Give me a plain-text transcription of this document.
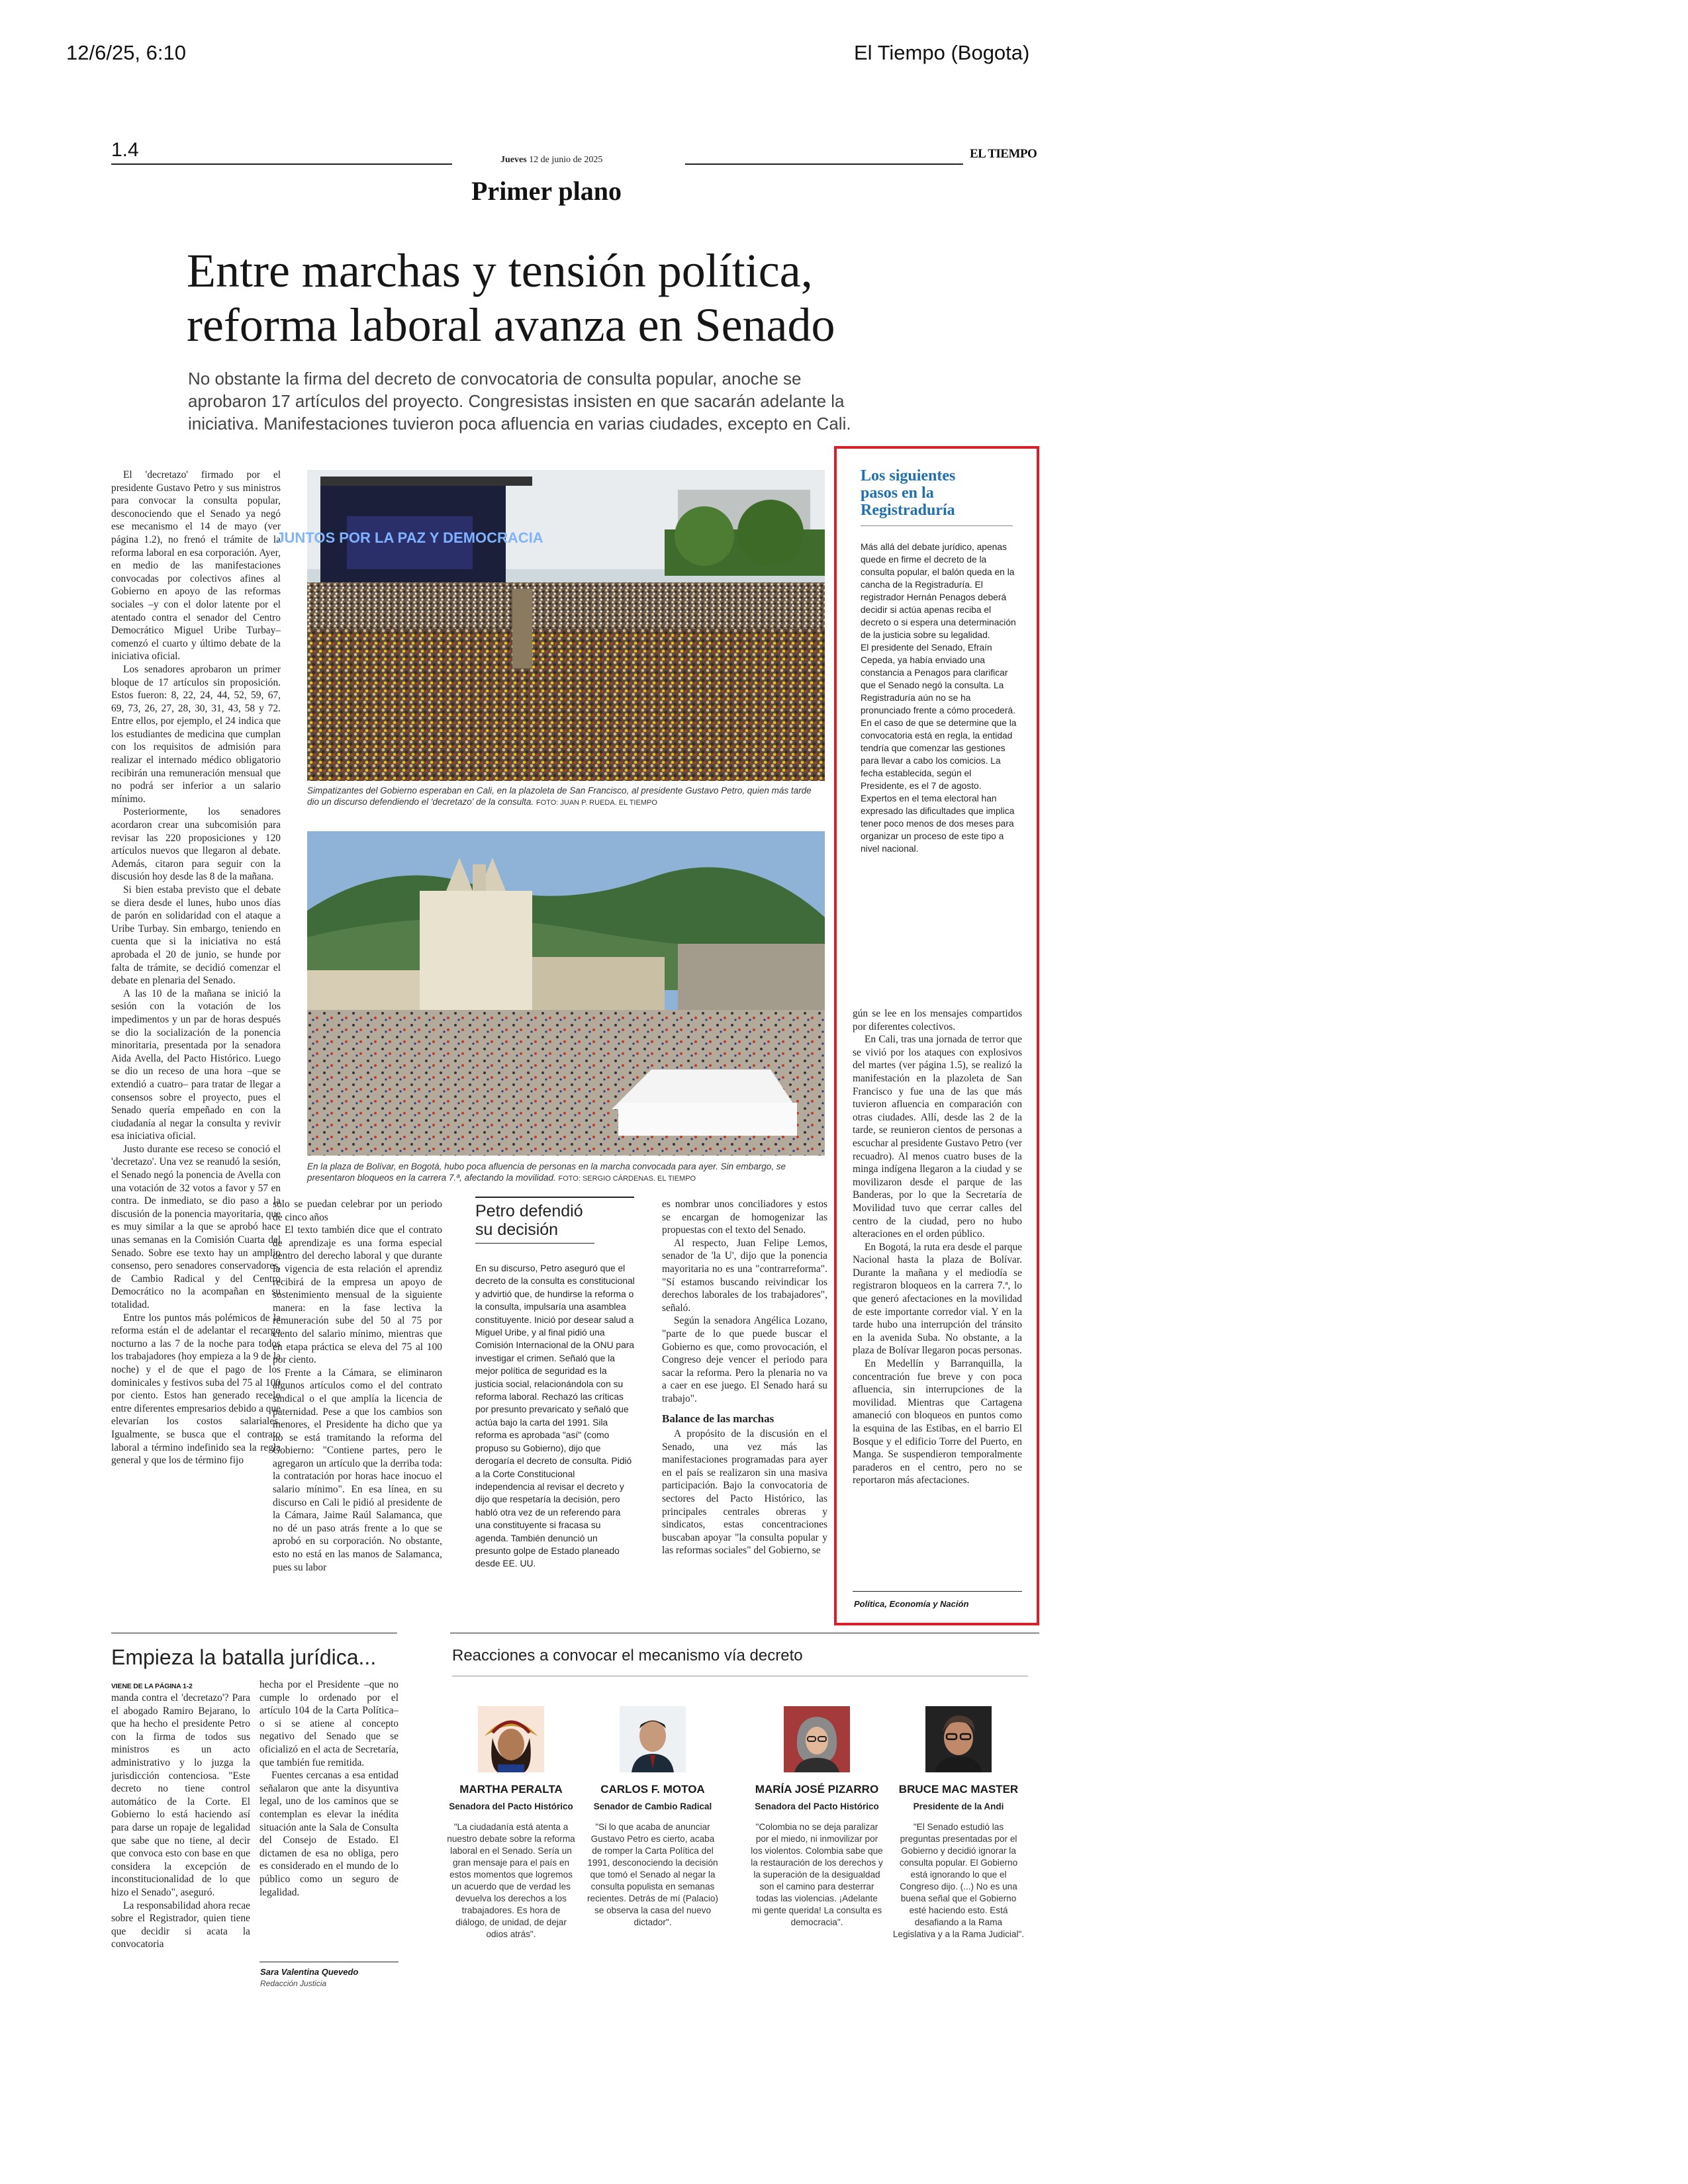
12/6/25, 6:10	El Tiempo (Bogota)
1.4	Jueves 12 de junio de 2025	EL TIEMPO
Primer plano
Entre marchas y tensión política,
reforma laboral avanza en Senado
No obstante la firma del decreto de convocatoria de consulta popular, anoche se
aprobaron 17 artículos del proyecto. Congresistas insisten en que sacarán adelante la
iniciativa. Manifestaciones tuvieron poca afluencia en varias ciudades, excepto en Cali.

El 'decretazo' firmado por el presidente Gustavo Petro y sus ministros para convocar la consulta popular, desconociendo que el Senado ya negó ese mecanismo el 14 de mayo (ver página 1.2), no frenó el trámite de la reforma laboral en esa corporación. Ayer, en medio de las manifestaciones convocadas por colectivos afines al Gobierno en apoyo de las reformas sociales –y con el dolor latente por el atentado contra el senador del Centro Democrático Miguel Uribe Turbay– comenzó el cuarto y último debate de la iniciativa oficial.

Los senadores aprobaron un primer bloque de 17 artículos sin proposición. Estos fueron: 8, 22, 24, 44, 52, 59, 67, 69, 73, 26, 27, 28, 30, 31, 43, 58 y 72. Entre ellos, por ejemplo, el 24 indica que los estudiantes de medicina que cumplan con los requisitos de admisión para realizar el internado médico obligatorio recibirán una remuneración mensual que no podrá ser inferior a un salario mínimo.

Posteriormente, los senadores acordaron crear una subcomisión para revisar las 220 proposiciones y 120 artículos nuevos que llegaron al debate. Además, citaron para seguir con la discusión hoy desde las 8 de la mañana.

Si bien estaba previsto que el debate se diera desde el lunes, hubo unos días de parón en solidaridad con el ataque a Uribe Turbay. Sin embargo, teniendo en cuenta que si la iniciativa no está aprobada el 20 de junio, se hunde por falta de trámite, se decidió comenzar el debate en plenaria del Senado.

A las 10 de la mañana se inició la sesión con la votación de los impedimentos y un par de horas después se dio la socialización de la ponencia minoritaria, presentada por la senadora Aida Avella, del Pacto Histórico. Luego se dio un receso de una hora –que se extendió a cuatro– para tratar de llegar a consensos sobre el proyecto, pues el Senado quería empeñado en con la ciudadanía al negar la consulta y revivir esa iniciativa oficial.

Justo durante ese receso se conoció el 'decretazo'. Una vez se reanudó la sesión, el Senado negó la ponencia de Avella con una votación de 32 votos a favor y 57 en contra. De inmediato, se dio paso a la discusión de la ponencia mayoritaria, que es muy similar a la que se aprobó hace unas semanas en la Comisión Cuarta del Senado. Sobre ese texto hay un amplio consenso, pero senadores conservadores, de Cambio Radical y del Centro Democrático no la acompañan en su totalidad.

Entre los puntos más polémicos de la reforma están el de adelantar el recargo nocturno a las 7 de la noche para todos los trabajadores (hoy empieza a la 9 de la noche) y el de que el pago de los dominicales y festivos suba del 75 al 100 por ciento. Estos han generado recelo entre diferentes empresarios debido a que elevarían los costos salariales. Igualmente, se busca que el contrato laboral a término indefinido sea la regla general y que los de término fijo

JUNTOS POR LA PAZ Y DEMOCRACIA
Simpatizantes del Gobierno esperaban en Cali, en la plazoleta de San Francisco, al presidente Gustavo Petro, quien más tarde dio un discurso defendiendo el 'decretazo' de la consulta. FOTO: JUAN P. RUEDA. EL TIEMPO
En la plaza de Bolívar, en Bogotá, hubo poca afluencia de personas en la marcha convocada para ayer. Sin embargo, se presentaron bloqueos en la carrera 7.ª, afectando la movilidad. FOTO: SERGIO CÁRDENAS. EL TIEMPO

solo se puedan celebrar por un periodo de cinco años

El texto también dice que el contrato de aprendizaje es una forma especial dentro del derecho laboral y que durante la vigencia de esta relación el aprendiz recibirá de la empresa un apoyo de sostenimiento mensual de la siguiente manera: en la fase lectiva la remuneración sube del 50 al 75 por ciento del salario mínimo, mientras que en etapa práctica se eleva del 75 al 100 por ciento.

Frente a la Cámara, se eliminaron algunos artículos como el del contrato sindical o el que amplía la licencia de paternidad. Pese a que los cambios son menores, el Presidente ha dicho que ya no se está tramitando la reforma del Gobierno: "Contiene partes, pero le agregaron un artículo que la derriba toda: la contratación por horas hace inocuo el salario mínimo". En esa línea, en su discurso en Cali le pidió al presidente de la Cámara, Jaime Raúl Salamanca, que no dé un paso atrás frente a lo que se aprobó en su corporación. No obstante, esto no está en las manos de Salamanca, pues su labor

Petro defendió
su decisión
En su discurso, Petro aseguró que el decreto de la consulta es constitucional y advirtió que, de hundirse la reforma o la consulta, impulsaría una asamblea constituyente. Inició por desear salud a Miguel Uribe, y al final pidió una Comisión Internacional de la ONU para investigar el crimen. Señaló que la mejor política de seguridad es la justicia social, relacionándola con su reforma laboral. Rechazó las críticas por presunto prevaricato y señaló que actúa bajo la carta del 1991. Sila reforma es aprobada "así" (como propuso su Gobierno), dijo que derogaría el decreto de consulta. Pidió a la Corte Constitucional independencia al revisar el decreto y dijo que respetaría la decisión, pero habló otra vez de un referendo para una constituyente si fracasa su agenda. También denunció un presunto golpe de Estado planeado desde EE. UU.

es nombrar unos conciliadores y estos se encargan de homogenizar las propuestas con el texto del Senado.

Al respecto, Juan Felipe Lemos, senador de 'la U', dijo que la ponencia mayoritaria no es una "contrarreforma". "Sí estamos buscando reivindicar los derechos laborales de los trabajadores", señaló.

Según la senadora Angélica Lozano, "parte de lo que puede buscar el Gobierno es que, como provocación, el Congreso deje vencer el periodo para sacar la reforma. Pero la plenaria no va a caer en ese juego. El Senado hará su trabajo".

Balance de las marchas

A propósito de la discusión en el Senado, una vez más las manifestaciones programadas para ayer en el país se realizaron sin una masiva participación. Bajo la convocatoria de sectores del Pacto Histórico, las principales centrales obreras y sindicatos, estas concentraciones buscaban apoyar "la consulta popular y las reformas sociales" del Gobierno, se

Los siguientes
pasos en la
Registraduría
Más allá del debate jurídico, apenas quede en firme el decreto de la consulta popular, el balón queda en la cancha de la Registraduría. El registrador Hernán Penagos deberá decidir si actúa apenas reciba el decreto o si espera una determinación de la justicia sobre su legalidad.
El presidente del Senado, Efraín Cepeda, ya había enviado una constancia a Penagos para clarificar que el Senado negó la consulta. La Registraduría aún no se ha pronunciado frente a cómo procederá.
En el caso de que se determine que la convocatoria está en regla, la entidad tendría que comenzar las gestiones para llevar a cabo los comicios. La fecha establecida, según el Presidente, es el 7 de agosto. Expertos en el tema electoral han expresado las dificultades que implica tener poco menos de dos meses para organizar un proceso de este tipo a nivel nacional.

gún se lee en los mensajes compartidos por diferentes colectivos.

En Cali, tras una jornada de terror que se vivió por los ataques con explosivos del martes (ver página 1.5), se realizó la manifestación en la plazoleta de San Francisco y fue una de las que más tuvieron afluencia en comparación con otras ciudades. Allí, desde las 2 de la tarde, se reunieron cientos de personas a escuchar al presidente Gustavo Petro (ver recuadro). Al menos cuatro buses de la minga indígena llegaron a la ciudad y se movilizaron desde el parque de las Banderas, por lo que la Secretaría de Movilidad tuvo que cerrar calles del centro de la ciudad, pero no hubo alteraciones en el orden público.

En Bogotá, la ruta era desde el parque Nacional hasta la plaza de Bolívar. Durante la mañana y el mediodía se registraron bloqueos en la carrera 7.ª, lo que generó afectaciones en la movilidad de este importante corredor vial. Y en la tarde hubo una interrupción del tránsito en la avenida Suba. No obstante, a la plaza de Bolívar llegaron pocas personas.

En Medellín y Barranquilla, la concentración fue breve y con poca afluencia, sin interrupciones de la movilidad. Mientras que Cartagena amaneció con bloqueos en puntos como la esquina de las Estibas, en el barrio El Bosque y el edificio Torre del Puerto, en Manga. Se suspendieron temporalmente paraderos en el centro, pero no se reportaron más afectaciones.

Política, Economía y Nación
Empieza la batalla jurídica...
VIENE DE LA PÁGINA 1-2

manda contra el 'decretazo'? Para el abogado Ramiro Bejarano, lo que ha hecho el presidente Petro con la firma de todos sus ministros es un acto administrativo y lo juzga la jurisdicción contenciosa. "Este decreto no tiene control automático de la Corte. El Gobierno lo está haciendo así para darse un ropaje de legalidad que sabe que no tiene, al decir que convoca esto con base en que considera la excepción de inconstitucionalidad de lo que hizo el Senado", aseguró.

La responsabilidad ahora recae sobre el Registrador, quien tiene que decidir si acata la convocatoria

hecha por el Presidente –que no cumple lo ordenado por el artículo 104 de la Carta Política– o si se atiene al concepto negativo del Senado que se oficializó en el acta de Secretaría, que también fue remitida.

Fuentes cercanas a esa entidad señalaron que ante la disyuntiva legal, uno de los caminos que se contemplan es elevar la inédita situación ante la Sala de Consulta del Consejo de Estado. El dictamen de esa no obliga, pero es considerado en el mundo de lo público como un seguro de legalidad.

Sara Valentina Quevedo
Redacción Justicia
Reacciones a convocar el mecanismo vía decreto
MARTHA PERALTA
Senadora del Pacto Histórico
"La ciudadanía está atenta a nuestro debate sobre la reforma laboral en el Senado. Sería un gran mensaje para el país en estos momentos que logremos un acuerdo que de verdad les devuelva los derechos a los trabajadores. Es hora de diálogo, de unidad, de dejar odios atrás".
CARLOS F. MOTOA
Senador de Cambio Radical
"Si lo que acaba de anunciar Gustavo Petro es cierto, acaba de romper la Carta Política del 1991, desconociendo la decisión que tomó el Senado al negar la consulta populista en semanas recientes. Detrás de mí (Palacio) se observa la casa del nuevo dictador".
MARÍA JOSÉ PIZARRO
Senadora del Pacto Histórico
"Colombia no se deja paralizar por el miedo, ni inmovilizar por los violentos. Colombia sabe que la restauración de los derechos y la superación de la desigualdad son el camino para desterrar todas las violencias. ¡Adelante mi gente querida! La consulta es democracia".
BRUCE MAC MASTER
Presidente de la Andi
"El Senado estudió las preguntas presentadas por el Gobierno y decidió ignorar la consulta popular. El Gobierno está ignorando lo que el Congreso dijo. (...) No es una buena señal que el Gobierno esté haciendo esto. Está desafiando a la Rama Legislativa y a la Rama Judicial".
